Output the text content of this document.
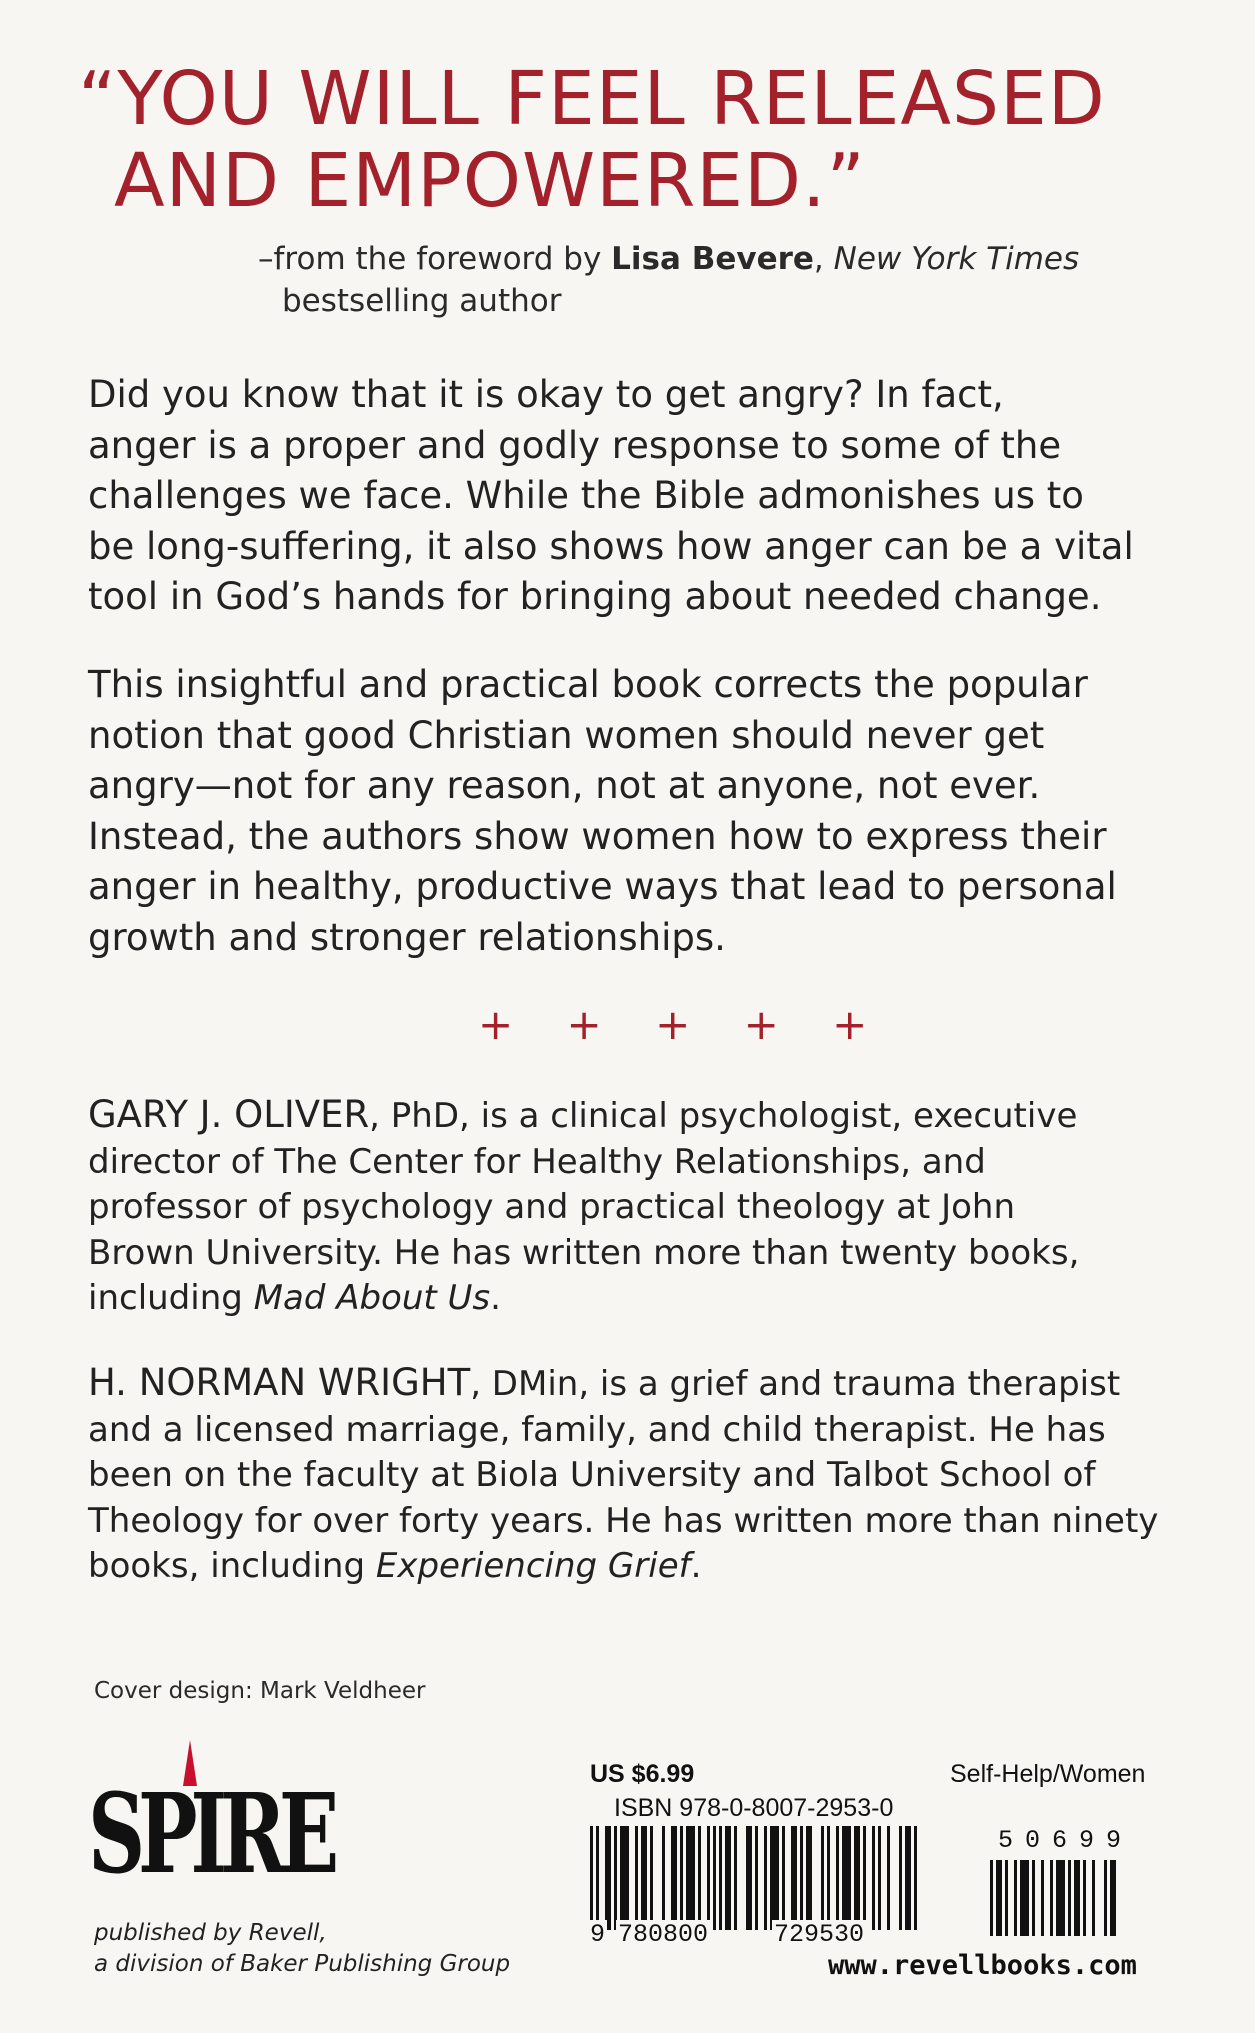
“YOU WILL FEEL RELEASED
AND EMPOWERED.”
–from the foreword by Lisa Bevere, New York Times
bestselling author
Did you know that it is okay to get angry? In fact,
anger is a proper and godly response to some of the
challenges we face. While the Bible admonishes us to
be long-suffering, it also shows how anger can be a vital
tool in God’s hands for bringing about needed change.
This insightful and practical book corrects the popular
notion that good Christian women should never get
angry—not for any reason, not at anyone, not ever.
Instead, the authors show women how to express their
anger in healthy, productive ways that lead to personal
growth and stronger relationships.
+ + + + +
GARY J. OLIVER, PhD, is a clinical psychologist, executive
director of The Center for Healthy Relationships, and
professor of psychology and practical theology at John
Brown University. He has written more than twenty books,
including Mad About Us.
H. NORMAN WRIGHT, DMin, is a grief and trauma therapist
and a licensed marriage, family, and child therapist. He has
been on the faculty at Biola University and Talbot School of
Theology for over forty years. He has written more than ninety
books, including Experiencing Grief.
Cover design: Mark Veldheer
SPIRE
published by Revell,
a division of Baker Publishing Group
US $6.99	Self-Help/Women
ISBN 978-0-8007-2953-0
9 780800	729530
50699
www.revellbooks.com
